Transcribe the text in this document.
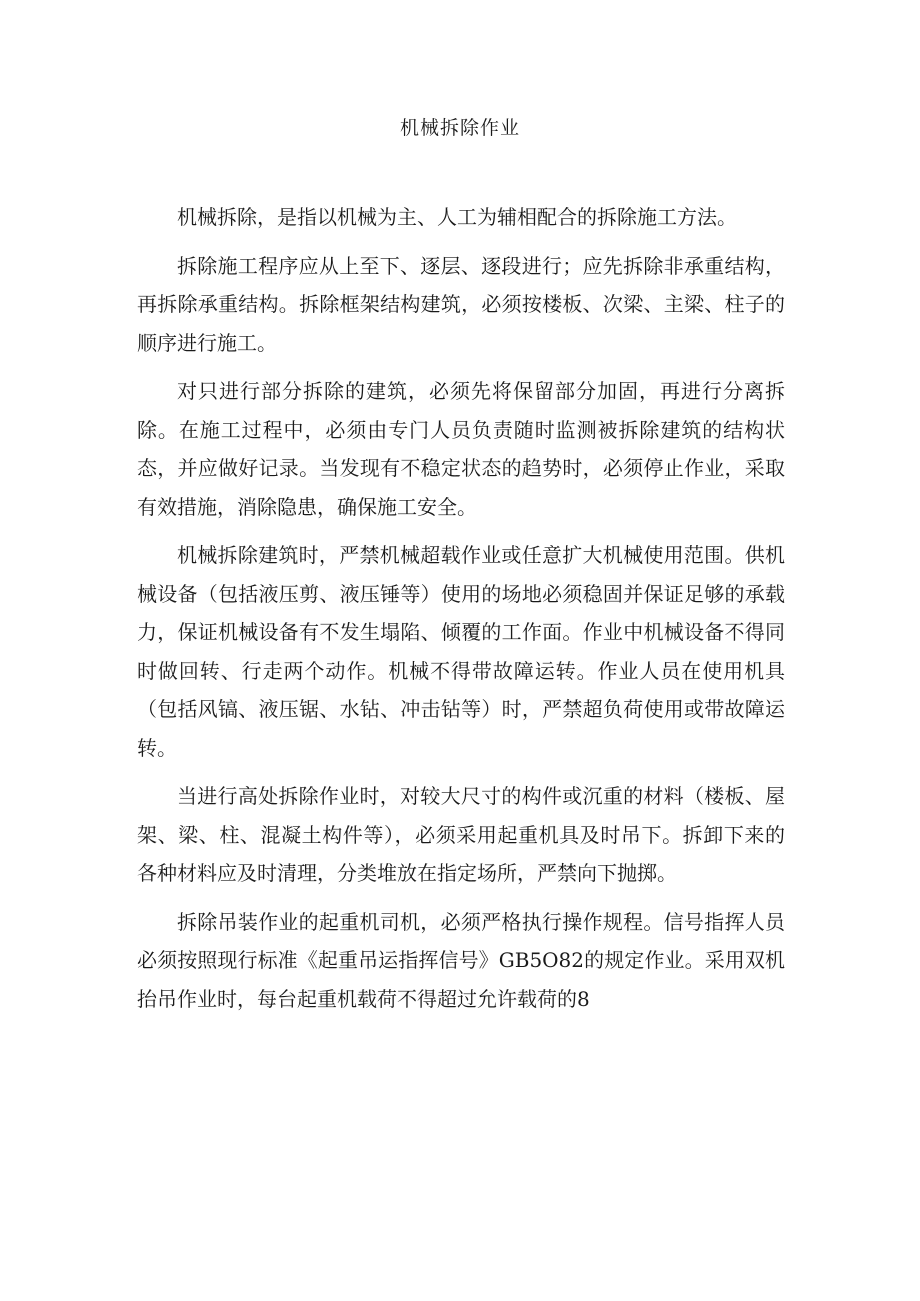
机械拆除作业

机械拆除，是指以机械为主、人工为辅相配合的拆除施工方法。

拆除施工程序应从上至下、逐层、逐段进行；应先拆除非承重结构，再拆除承重结构。拆除框架结构建筑，必须按楼板、次梁、主梁、柱子的顺序进行施工。

对只进行部分拆除的建筑，必须先将保留部分加固，再进行分离拆除。在施工过程中，必须由专门人员负责随时监测被拆除建筑的结构状态，并应做好记录。当发现有不稳定状态的趋势时，必须停止作业，采取有效措施，消除隐患，确保施工安全。

机械拆除建筑时，严禁机械超载作业或任意扩大机械使用范围。供机械设备（包括液压剪、液压锤等）使用的场地必须稳固并保证足够的承载力，保证机械设备有不发生塌陷、倾覆的工作面。作业中机械设备不得同时做回转、行走两个动作。机械不得带故障运转。作业人员在使用机具（包括风镐、液压锯、水钻、冲击钻等）时，严禁超负荷使用或带故障运转。

当进行高处拆除作业时，对较大尺寸的构件或沉重的材料（楼板、屋架、梁、柱、混凝土构件等），必须采用起重机具及时吊下。拆卸下来的各种材料应及时清理，分类堆放在指定场所，严禁向下抛掷。

拆除吊装作业的起重机司机，必须严格执行操作规程。信号指挥人员必须按照现行标准《起重吊运指挥信号》GB5O82的规定作业。采用双机抬吊作业时，每台起重机载荷不得超过允许载荷的8
